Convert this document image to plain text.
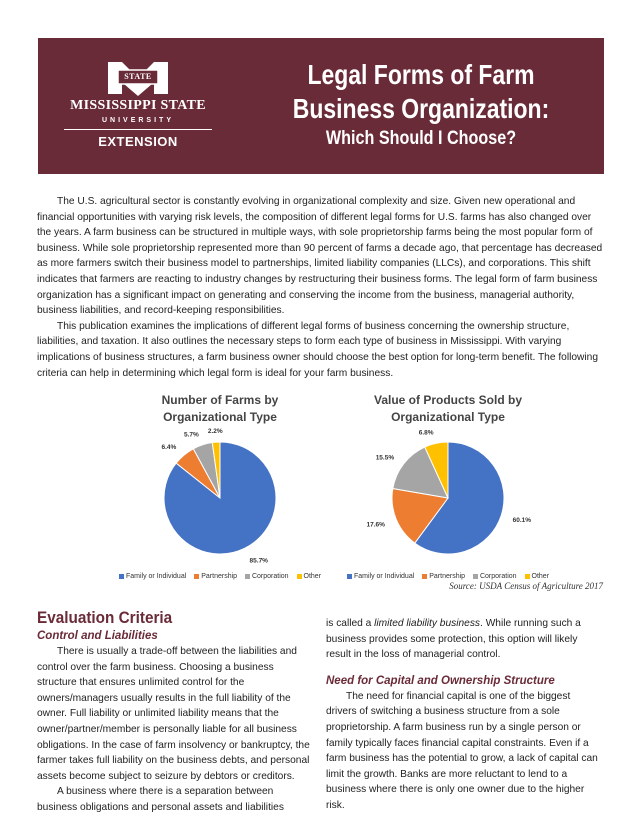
STATE
MISSISSIPPI STATE
UNIVERSITY
EXTENSION
Legal Forms of Farm
Business Organization:
Which Should I Choose?

The U.S. agricultural sector is constantly evolving in organizational complexity and size. Given new operational and financial opportunities with varying risk levels, the composition of different legal forms for U.S. farms has also changed over the years. A farm business can be structured in multiple ways, with sole proprietorship farms being the most popular form of business. While sole proprietorship represented more than 90 percent of farms a decade ago, that percentage has decreased as more farmers switch their business model to partnerships, limited liability companies (LLCs), and corporations. This shift indicates that farmers are reacting to industry changes by restructuring their business forms. The legal form of farm business organization has a significant impact on generating and conserving the income from the business, managerial authority, business liabilities, and record-keeping responsibilities.

This publication examines the implications of different legal forms of business concerning the ownership structure, liabilities, and taxation. It also outlines the necessary steps to form each type of business in Mississippi. With varying implications of business structures, a farm business owner should choose the best option for long-term benefit. The following criteria can help in determining which legal form is ideal for your farm business.

85.7%
6.4%
5.7% 2.2%
Number of Farms by
Organizational Type
Family or Individual Partnership Corporation Other
60.1%
17.6%
15.5%
6.8%
Value of Products Sold by
Organizational Type
Family or Individual Partnership Corporation Other
Source: USDA Census of Agriculture 2017
Evaluation Criteria
Control and Liabilities

There is usually a trade-off between the liabilities and control over the farm business. Choosing a business structure that ensures unlimited control for the owners/managers usually results in the full liability of the owner. Full liability or unlimited liability means that the owner/partner/member is personally liable for all business obligations. In the case of farm insolvency or bankruptcy, the farmer takes full liability on the business debts, and personal assets become subject to seizure by debtors or creditors.

A business where there is a separation between business obligations and personal assets and liabilities

is called a limited liability business. While running such a business provides some protection, this option will likely result in the loss of managerial control.

Need for Capital and Ownership Structure

The need for financial capital is one of the biggest drivers of switching a business structure from a sole proprietorship. A farm business run by a single person or family typically faces financial capital constraints. Even if a farm business has the potential to grow, a lack of capital can limit the growth. Banks are more reluctant to lend to a business where there is only one owner due to the higher risk.
